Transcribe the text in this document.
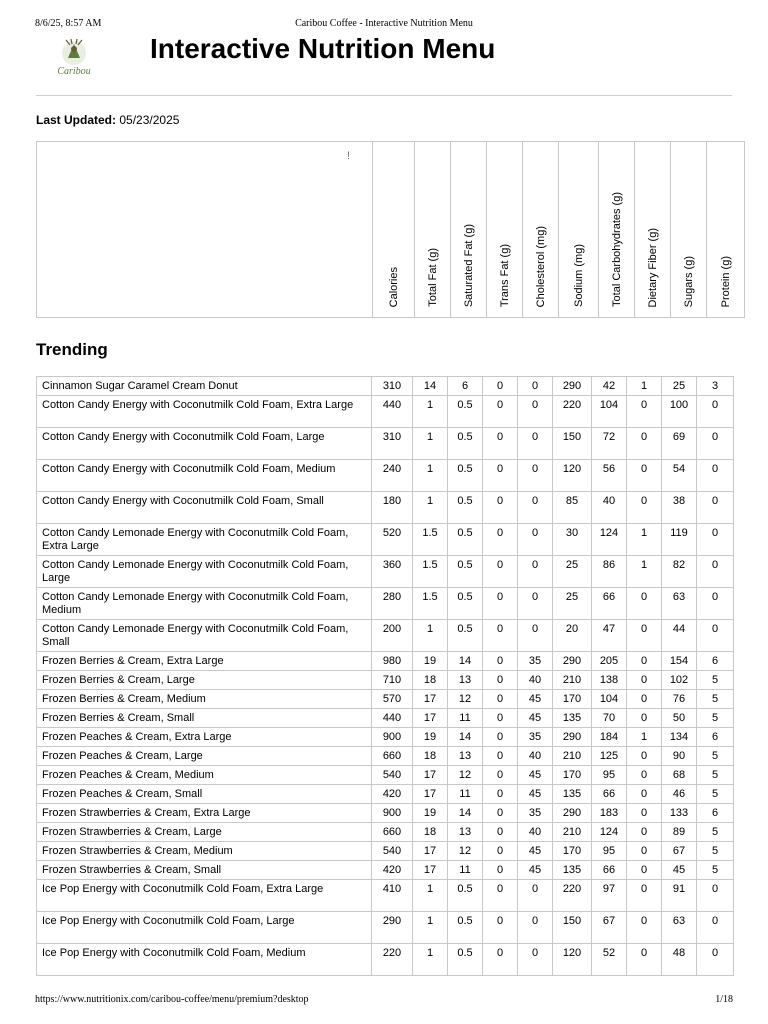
8/6/25, 8:57 AM	Caribou Coffee - Interactive Nutrition Menu
Caribou
Interactive Nutrition Menu
Last Updated: 05/23/2025
!

Calories	Total Fat (g)	Saturated Fat (g)	Trans Fat (g)	Cholesterol (mg)	Sodium (mg)	Total Carbohydrates (g)	Dietary Fiber (g)	Sugars (g)	Protein (g)
Trending
Cinnamon Sugar Caramel Cream Donut	310	14	6	0	0	290	42	1	25	3
Cotton Candy Energy with Coconutmilk Cold Foam, Extra Large	440	1	0.5	0	0	220	104	0	100	0
Cotton Candy Energy with Coconutmilk Cold Foam, Large	310	1	0.5	0	0	150	72	0	69	0
Cotton Candy Energy with Coconutmilk Cold Foam, Medium	240	1	0.5	0	0	120	56	0	54	0
Cotton Candy Energy with Coconutmilk Cold Foam, Small	180	1	0.5	0	0	85	40	0	38	0
Cotton Candy Lemonade Energy with Coconutmilk Cold Foam, Extra Large	520	1.5	0.5	0	0	30	124	1	119	0
Cotton Candy Lemonade Energy with Coconutmilk Cold Foam, Large	360	1.5	0.5	0	0	25	86	1	82	0
Cotton Candy Lemonade Energy with Coconutmilk Cold Foam, Medium	280	1.5	0.5	0	0	25	66	0	63	0
Cotton Candy Lemonade Energy with Coconutmilk Cold Foam, Small	200	1	0.5	0	0	20	47	0	44	0
Frozen Berries & Cream, Extra Large	980	19	14	0	35	290	205	0	154	6
Frozen Berries & Cream, Large	710	18	13	0	40	210	138	0	102	5
Frozen Berries & Cream, Medium	570	17	12	0	45	170	104	0	76	5
Frozen Berries & Cream, Small	440	17	11	0	45	135	70	0	50	5
Frozen Peaches & Cream, Extra Large	900	19	14	0	35	290	184	1	134	6
Frozen Peaches & Cream, Large	660	18	13	0	40	210	125	0	90	5
Frozen Peaches & Cream, Medium	540	17	12	0	45	170	95	0	68	5
Frozen Peaches & Cream, Small	420	17	11	0	45	135	66	0	46	5
Frozen Strawberries & Cream, Extra Large	900	19	14	0	35	290	183	0	133	6
Frozen Strawberries & Cream, Large	660	18	13	0	40	210	124	0	89	5
Frozen Strawberries & Cream, Medium	540	17	12	0	45	170	95	0	67	5
Frozen Strawberries & Cream, Small	420	17	11	0	45	135	66	0	45	5
Ice Pop Energy with Coconutmilk Cold Foam, Extra Large	410	1	0.5	0	0	220	97	0	91	0
Ice Pop Energy with Coconutmilk Cold Foam, Large	290	1	0.5	0	0	150	67	0	63	0
Ice Pop Energy with Coconutmilk Cold Foam, Medium	220	1	0.5	0	0	120	52	0	48	0
https://www.nutritionix.com/caribou-coffee/menu/premium?desktop	1/18
